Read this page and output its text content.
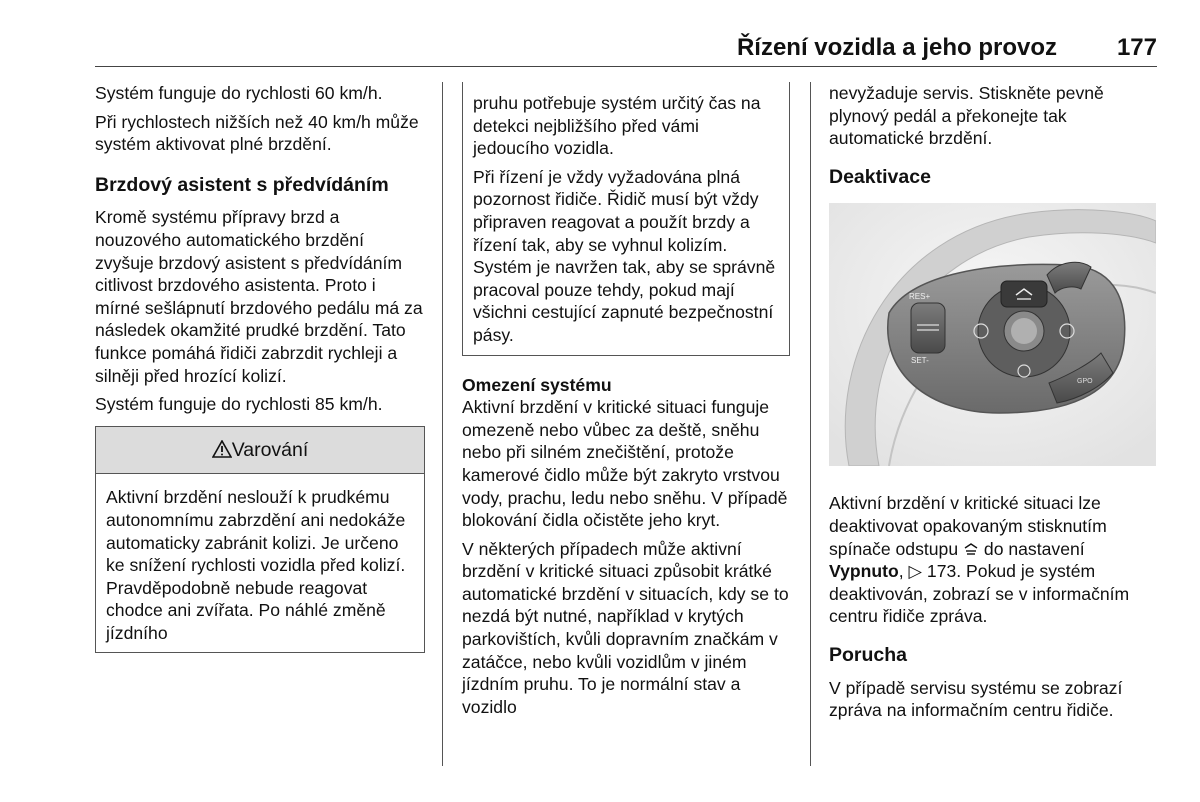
Řízení vozidla a jeho provoz 177

Systém funguje do rychlosti 60 km/h.

Při rychlostech nižších než 40 km/h může systém aktivovat plné brzdění.

Brzdový asistent s předvídáním

Kromě systému přípravy brzd a nouzového automatického brzdění zvyšuje brzdový asistent s předvídáním citlivost brzdového asistenta. Proto i mírné sešlápnutí brzdového pedálu má za následek okamžité prudké brzdění. Tato funkce pomáhá řidiči zabrzdit rychleji a silněji před hrozící kolizí.

Systém funguje do rychlosti 85 km/h.

Varování

Aktivní brzdění neslouží k prudkému autonomnímu zabrzdění ani nedokáže automaticky zabránit kolizi. Je určeno ke snížení rychlosti vozidla před kolizí. Pravděpodobně nebude reagovat chodce ani zvířata. Po náhlé změně jízdního

pruhu potřebuje systém určitý čas na detekci nejbližšího před vámi jedoucího vozidla.

Při řízení je vždy vyžadována plná pozornost řidiče. Řidič musí být vždy připraven reagovat a použít brzdy a řízení tak, aby se vyhnul kolizím. Systém je navržen tak, aby se správně pracoval pouze tehdy, pokud mají všichni cestující zapnuté bezpečnostní pásy.

Omezení systému

Aktivní brzdění v kritické situaci funguje omezeně nebo vůbec za deště, sněhu nebo při silném znečištění, protože kamerové čidlo může být zakryto vrstvou vody, prachu, ledu nebo sněhu. V případě blokování čidla očistěte jeho kryt.

V některých případech může aktivní brzdění v kritické situaci způsobit krátké automatické brzdění v situacích, kdy se to nezdá být nutné, například v krytých parkovištích, kvůli dopravním značkám v zatáčce, nebo kvůli vozidlům v jiném jízdním pruhu. To je normální stav a vozidlo

nevyžaduje servis. Stiskněte pevně plynový pedál a překonejte tak automatické brzdění.

Deaktivace

Aktivní brzdění v kritické situaci lze deaktivovat opakovaným stisknutím spínače odstupu  do nastavení Vypnuto, ▷ 173. Pokud je systém deaktivován, zobrazí se v informačním centru řidiče zpráva.

Porucha

V případě servisu systému se zobrazí zpráva na informačním centru řidiče.

RES+
SET-
GPO
